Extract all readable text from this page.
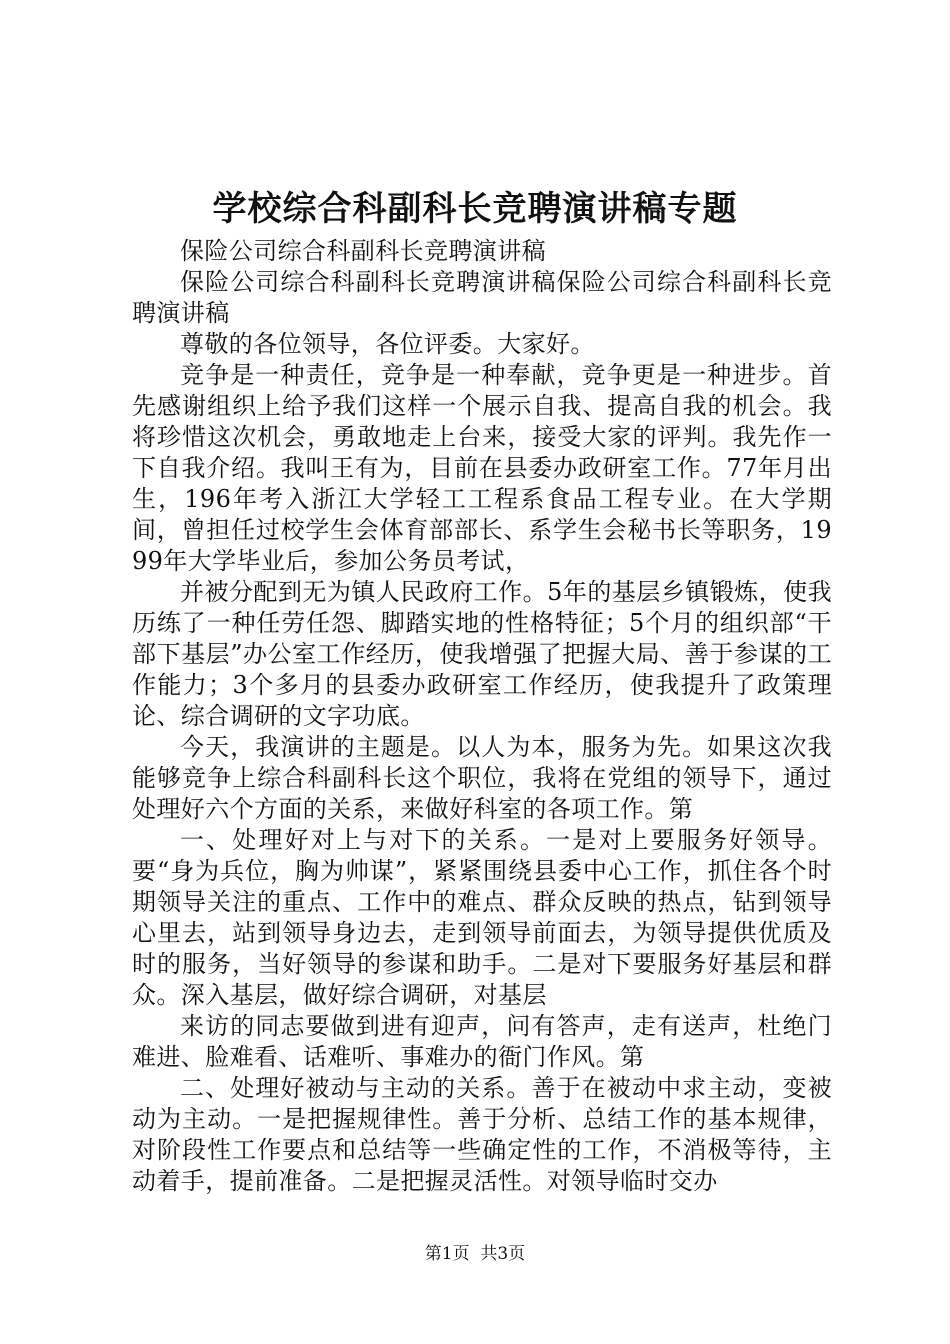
学校综合科副科长竞聘演讲稿专题

保险公司综合科副科长竞聘演讲稿

保险公司综合科副科长竞聘演讲稿保险公司综合科副科长竞聘演讲稿

尊敬的各位领导，各位评委。大家好。

竞争是一种责任，竞争是一种奉献，竞争更是一种进步。首先感谢组织上给予我们这样一个展示自我、提高自我的机会。我将珍惜这次机会，勇敢地走上台来，接受大家的评判。我先作一下自我介绍。我叫王有为，目前在县委办政研室工作。77年月出生，196年考入浙江大学轻工工程系食品工程专业。在大学期间，曾担任过校学生会体育部部长、系学生会秘书长等职务，1999年大学毕业后，参加公务员考试，

并被分配到无为镇人民政府工作。5年的基层乡镇锻炼，使我历练了一种任劳任怨、脚踏实地的性格特征；5个月的组织部“干部下基层”办公室工作经历，使我增强了把握大局、善于参谋的工作能力；3个多月的县委办政研室工作经历，使我提升了政策理论、综合调研的文字功底。

今天，我演讲的主题是。以人为本，服务为先。如果这次我能够竞争上综合科副科长这个职位，我将在党组的领导下，通过处理好六个方面的关系，来做好科室的各项工作。第

一、处理好对上与对下的关系。一是对上要服务好领导。要“身为兵位，胸为帅谋”，紧紧围绕县委中心工作，抓住各个时期领导关注的重点、工作中的难点、群众反映的热点，钻到领导心里去，站到领导身边去，走到领导前面去，为领导提供优质及时的服务，当好领导的参谋和助手。二是对下要服务好基层和群众。深入基层，做好综合调研，对基层

来访的同志要做到进有迎声，问有答声，走有送声，杜绝门难进、脸难看、话难听、事难办的衙门作风。第

二、处理好被动与主动的关系。善于在被动中求主动，变被动为主动。一是把握规律性。善于分析、总结工作的基本规律，对阶段性工作要点和总结等一些确定性的工作，不消极等待，主动着手，提前准备。二是把握灵活性。对领导临时交办

第1页 共3页
